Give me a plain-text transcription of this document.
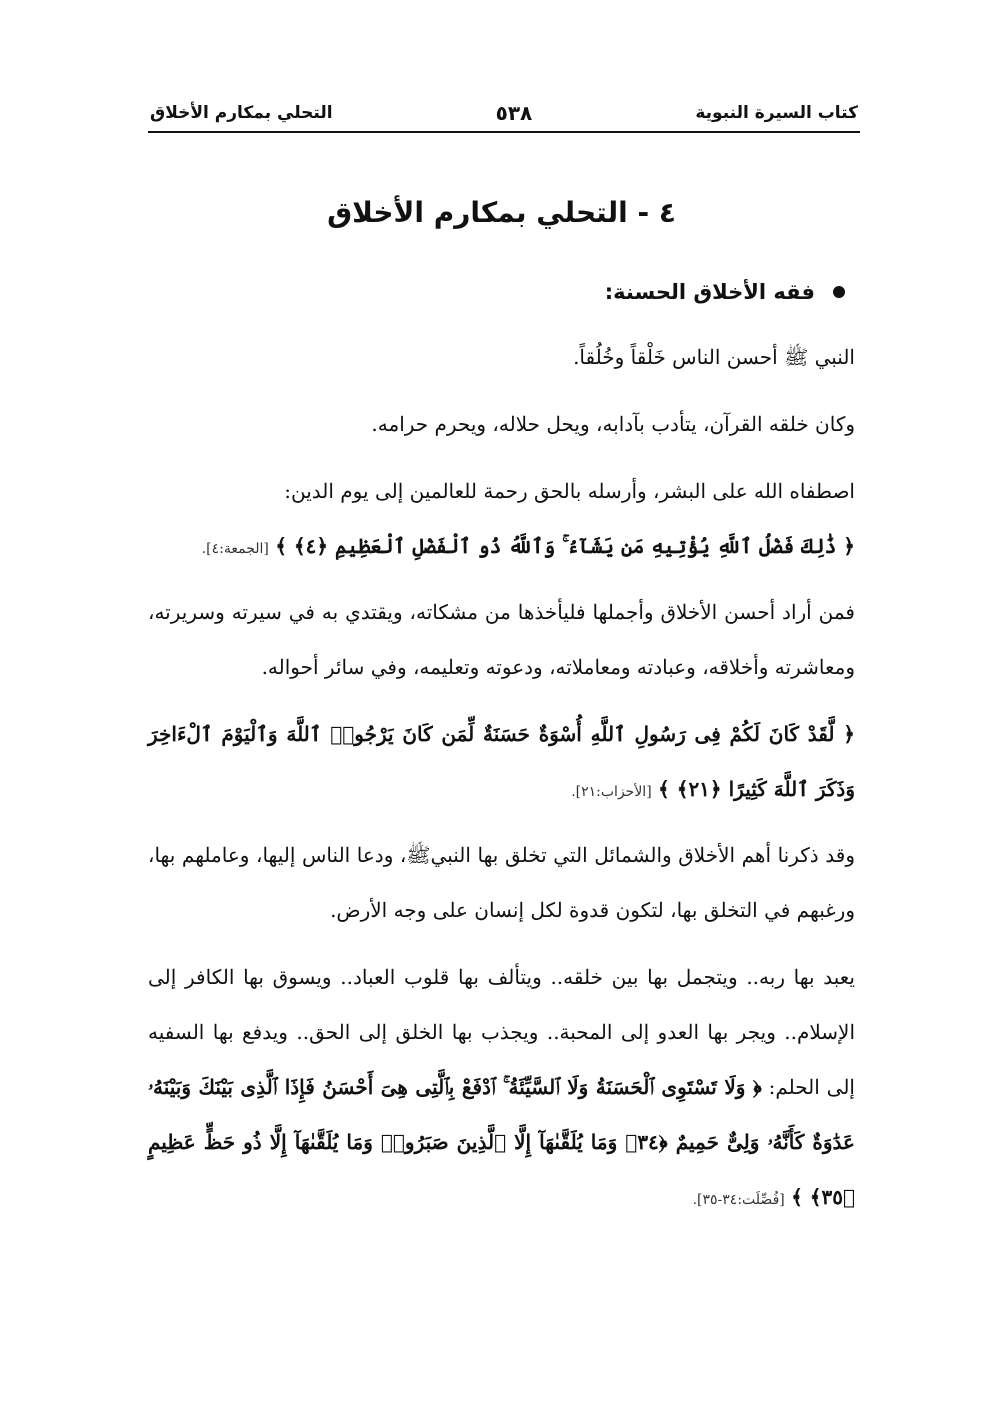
كتاب السيرة النبوية
٥٣٨
التحلي بمكارم الأخلاق
٤ - التحلي بمكارم الأخلاق
فقه الأخلاق الحسنة:

النبي ﷺ أحسن الناس خَلْقاً وخُلُقاً.

وكان خلقه القرآن، يتأدب بآدابه، ويحل حلاله، ويحرم حرامه.

اصطفاه الله على البشر، وأرسله بالحق رحمة للعالمين إلى يوم الدين:
﴿ ذَٰلِكَ فَضْلُ ٱللَّهِ يُؤْتِيهِ مَن يَشَآءُ ۚ وَٱللَّهُ ذُو ٱلْفَضْلِ ٱلْعَظِيمِ ﴿٤﴾ ﴾ [الجمعة:٤].

فمن أراد أحسن الأخلاق وأجملها فليأخذها من مشكاته، ويقتدي به في سيرته وسريرته، ومعاشرته وأخلاقه، وعبادته ومعاملاته، ودعوته وتعليمه، وفي سائر أحواله.

﴿ لَّقَدْ كَانَ لَكُمْ فِى رَسُولِ ٱللَّهِ أُسْوَةٌ حَسَنَةٌ لِّمَن كَانَ يَرْجُوا۟ ٱللَّهَ وَٱلْيَوْمَ ٱلْءَاخِرَ وَذَكَرَ ٱللَّهَ كَثِيرًا ﴿٢١﴾ ﴾ [الأحزاب:٢١].

وقد ذكرنا أهم الأخلاق والشمائل التي تخلق بها النبيﷺ، ودعا الناس إليها، وعاملهم بها، ورغبهم في التخلق بها، لتكون قدوة لكل إنسان على وجه الأرض.

يعبد بها ربه.. ويتجمل بها بين خلقه.. ويتألف بها قلوب العباد.. ويسوق بها الكافر إلى الإسلام.. ويجر بها العدو إلى المحبة.. ويجذب بها الخلق إلى الحق.. ويدفع بها السفيه إلى الحلم: ﴿ وَلَا تَسْتَوِى ٱلْحَسَنَةُ وَلَا ٱلسَّيِّئَةُ ۚ ٱدْفَعْ بِٱلَّتِى هِىَ أَحْسَنُ فَإِذَا ٱلَّذِى بَيْنَكَ وَبَيْنَهُۥ عَدَٰوَةٌ كَأَنَّهُۥ وَلِىٌّ حَمِيمٌ ﴿٣٤﴾ وَمَا يُلَقَّىٰهَآ إِلَّا ٱلَّذِينَ صَبَرُوا۟ وَمَا يُلَقَّىٰهَآ إِلَّا ذُو حَظٍّ عَظِيمٍ ﴿٣٥﴾ ﴾ [فُصِّلَت:٣٤-٣٥].
